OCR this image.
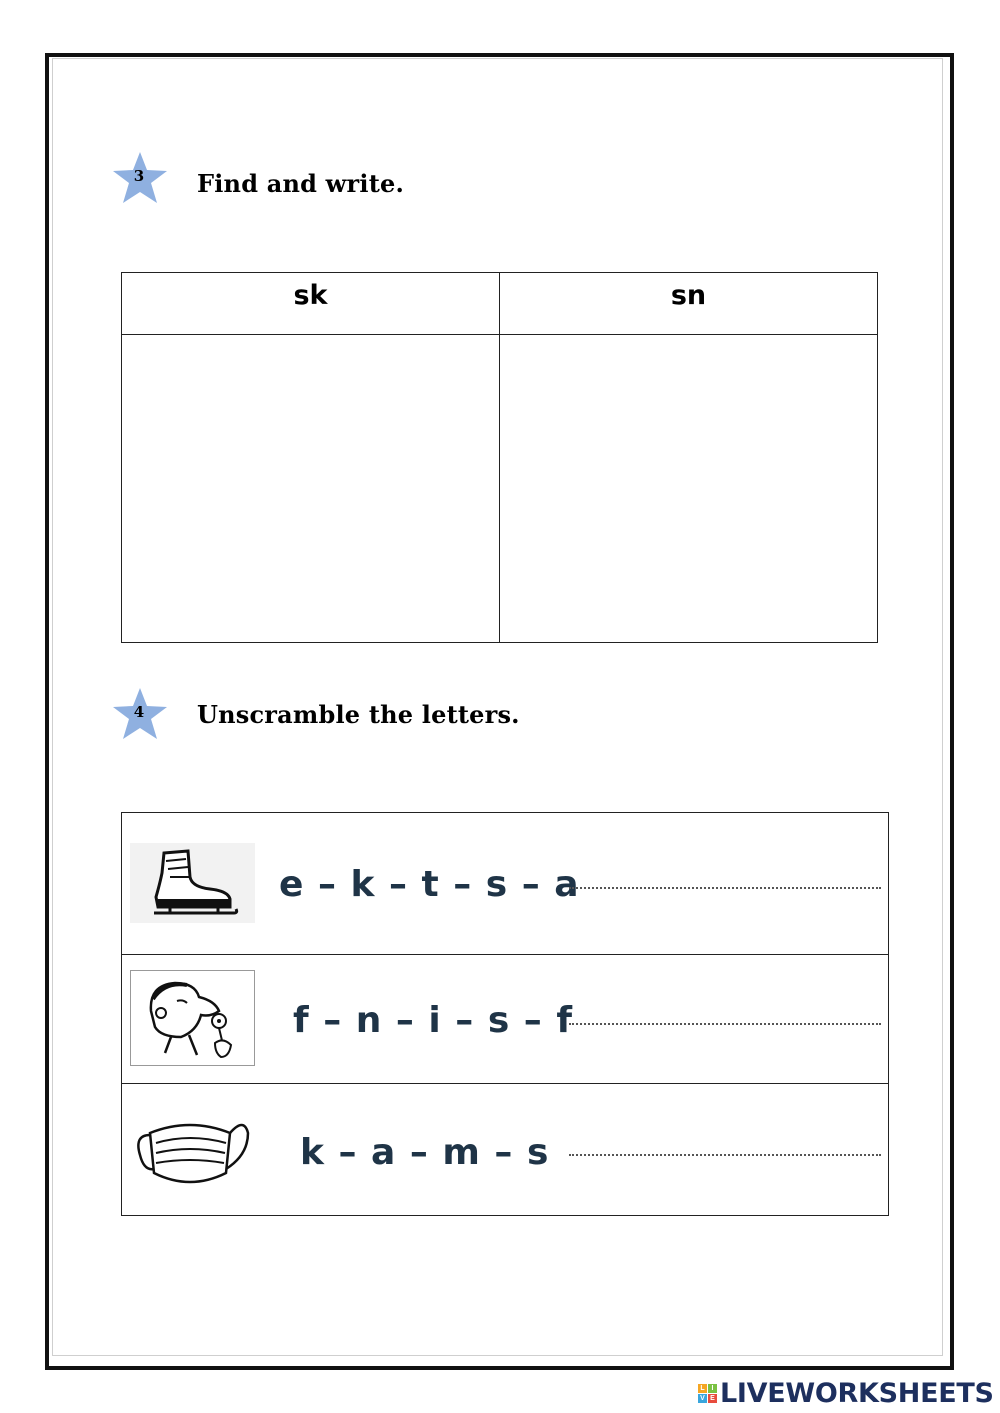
3	Find and write.
sk	sn

4	Unscramble the letters.
e – k – t – s – a
f – n – i – s – f
k – a – m – s
L I
V E LIVEWORKSHEETS
